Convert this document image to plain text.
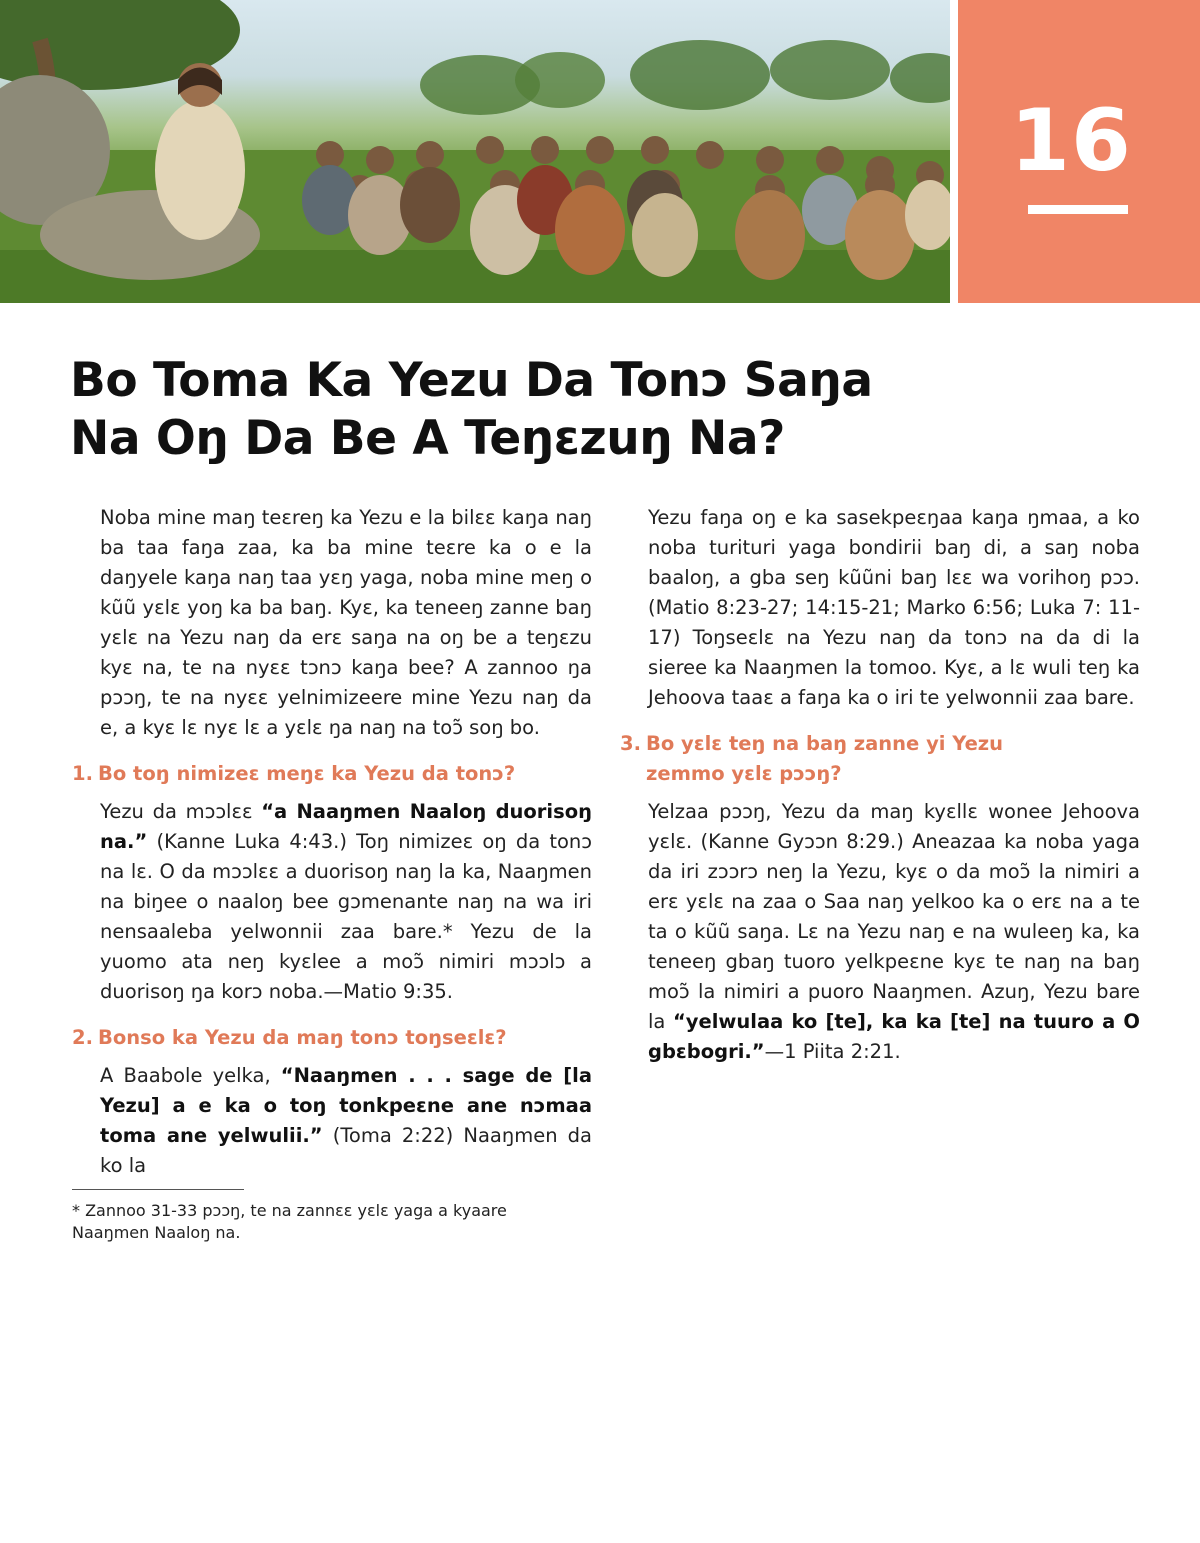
16
Bo Toma Ka Yezu Da Tonɔ Saŋa
Na Oŋ Da Be A Teŋɛzuŋ Na?

Noba mine maŋ teɛreŋ ka Yezu e la bilɛɛ kaŋa naŋ ba taa faŋa zaa, ka ba mine teɛre ka o e la daŋyele kaŋa naŋ taa yɛŋ yaga, noba mine meŋ o kũũ yɛlɛ yoŋ ka ba baŋ. Kyɛ, ka teneeŋ zanne baŋ yɛlɛ na Yezu naŋ da erɛ saŋa na oŋ be a teŋɛzu kyɛ na, te na nyɛɛ tɔnɔ kaŋa bee? A zannoo ŋa pɔɔŋ, te na nyɛɛ yelnimizeere mine Yezu naŋ da e, a kyɛ lɛ nyɛ lɛ a yɛlɛ ŋa naŋ na toɔ̃ soŋ bo.

1. Bo toŋ nimizeɛ meŋɛ ka Yezu da tonɔ?

Yezu da mɔɔlɛɛ “a Naaŋmen Naaloŋ duorisoŋ na.” (Kanne Luka 4:43.) Toŋ nimizeɛ oŋ da tonɔ na lɛ. O da mɔɔlɛɛ a duorisoŋ naŋ la ka, Naaŋmen na biŋee o naaloŋ bee gɔmenante naŋ na wa iri nensaaleba yelwonnii zaa bare.* Yezu de la yuomo ata neŋ kyɛlee a moɔ̃ nimiri mɔɔlɔ a duorisoŋ ŋa korɔ noba.—Matio 9:35.

2. Bonso ka Yezu da maŋ tonɔ toŋseɛlɛ?

A Baabole yelka, “Naaŋmen . . . sage de [la Yezu] a e ka o toŋ tonkpeɛne ane nɔmaa toma ane yelwulii.” (Toma 2:22) Naaŋmen da ko la

* Zannoo 31-33 pɔɔŋ, te na zannɛɛ yɛlɛ yaga a kyaare Naaŋmen Naaloŋ na.

Yezu faŋa oŋ e ka sasekpeɛŋaa kaŋa ŋmaa, a ko noba turituri yaga bondirii baŋ di, a saŋ noba baaloŋ, a gba seŋ kũũni baŋ lɛɛ wa vorihoŋ pɔɔ. (Matio 8:23-27; 14:15-21; Marko 6:56; Luka 7: 11-17) Toŋseɛlɛ na Yezu naŋ da tonɔ na da di la sieree ka Naaŋmen la tomoo. Kyɛ, a lɛ wuli teŋ ka Jehoova taaɛ a faŋa ka o iri te yelwonnii zaa bare.

3. Bo yɛlɛ teŋ na baŋ zanne yi Yezu
zemmo yɛlɛ pɔɔŋ?

Yelzaa pɔɔŋ, Yezu da maŋ kyɛllɛ wonee Jehoova yɛlɛ. (Kanne Gyɔɔn 8:29.) Aneazaa ka noba yaga da iri zɔɔrɔ neŋ la Yezu, kyɛ o da moɔ̃ la nimiri a erɛ yɛlɛ na zaa o Saa naŋ yelkoo ka o erɛ na a te ta o kũũ saŋa. Lɛ na Yezu naŋ e na wuleeŋ ka, ka teneeŋ gbaŋ tuoro yelkpeɛne kyɛ te naŋ na baŋ moɔ̃ la nimiri a puoro Naaŋmen. Azuŋ, Yezu bare la “yelwulaa ko [te], ka ka [te] na tuuro a O gbɛbogri.”—1 Piita 2:21.
